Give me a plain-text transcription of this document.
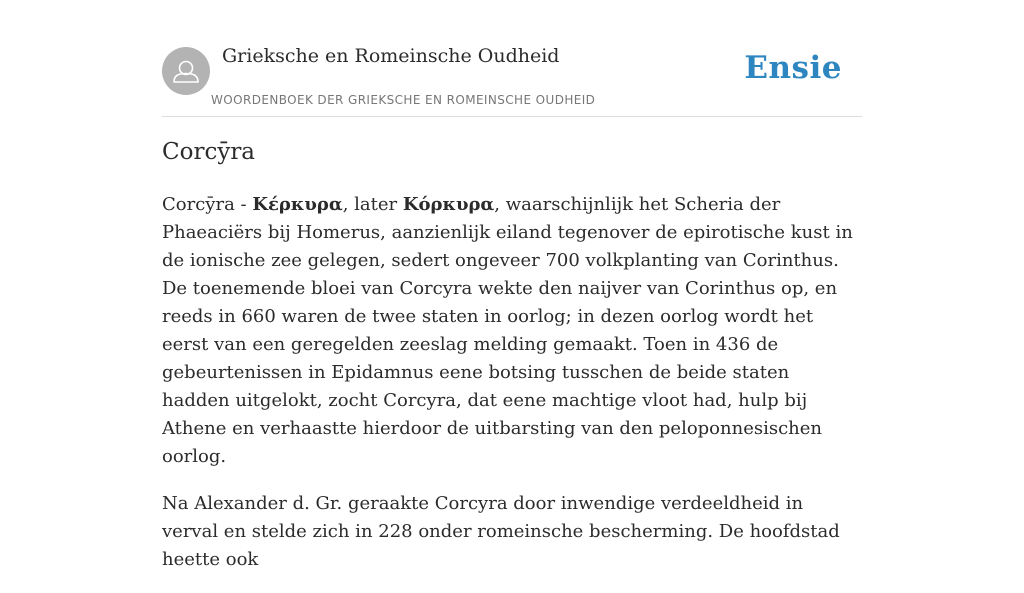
Grieksche en Romeinsche Oudheid
WOORDENBOEK DER GRIEKSCHE EN ROMEINSCHE OUDHEID
Ensie
Corcȳra

Corcȳra - Κέρκυρα, later Κόρκυρα, waarschijnlijk het Scheria der Phaeaciërs bij Homerus, aanzienlijk eiland tegenover de epirotische kust in de ionische zee gelegen, sedert ongeveer 700 volkplanting van Corinthus. De toenemende bloei van Corcyra wekte den naijver van Corinthus op, en reeds in 660 waren de twee staten in oorlog; in dezen oorlog wordt het eerst van een geregelden zeeslag melding gemaakt. Toen in 436 de gebeurtenissen in Epidamnus eene botsing tusschen de beide staten hadden uitgelokt, zocht Corcyra, dat eene machtige vloot had, hulp bij Athene en verhaastte hierdoor de uitbarsting van den peloponnesischen oorlog.

Na Alexander d. Gr. geraakte Corcyra door inwendige verdeeldheid in verval en stelde zich in 228 onder romeinsche bescherming. De hoofdstad heette ook
